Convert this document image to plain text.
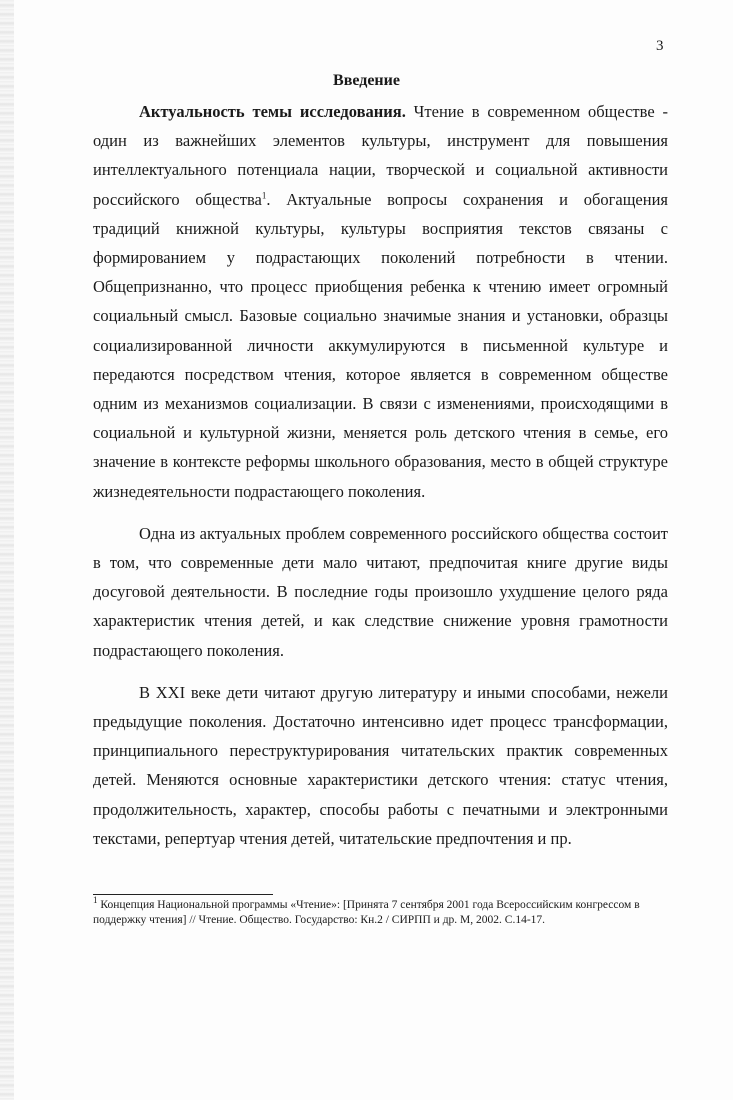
3
Введение

Актуальность темы исследования. Чтение в современном обществе - один из важнейших элементов культуры, инструмент для повышения интеллектуального потенциала нации, творческой и социальной активности российского общества$^1$. Актуальные вопросы сохранения и обогащения традиций книжной культуры, культуры восприятия текстов связаны с формированием у подрастающих поколений потребности в чтении. Общепризнанно, что процесс приобщения ребенка к чтению имеет огромный социальный смысл. Базовые социально значимые знания и установки, образцы социализированной личности аккумулируются в письменной культуре и передаются посредством чтения, которое является в современном обществе одним из механизмов социализации. В связи с изменениями, происходящими в социальной и культурной жизни, меняется роль детского чтения в семье, его значение в контексте реформы школьного образования, место в общей структуре жизнедеятельности подрастающего поколения.

Одна из актуальных проблем современного российского общества состоит в том, что современные дети мало читают, предпочитая книге другие виды досуговой деятельности. В последние годы произошло ухудшение целого ряда характеристик чтения детей, и как следствие снижение уровня грамотности подрастающего поколения.

В XXI веке дети читают другую литературу и иными способами, нежели предыдущие поколения. Достаточно интенсивно идет процесс трансформации, принципиального переструктурирования читательских практик современных детей. Меняются основные характеристики детского чтения: статус чтения, продолжительность, характер, способы работы с печатными и электронными текстами, репертуар чтения детей, читательские предпочтения и пр.

$^1$ Концепция Национальной программы «Чтение»: [Принята 7 сентября 2001 года Всероссийским конгрессом в поддержку чтения] // Чтение. Общество. Государство: Кн.2 / СИРПП и др. М, 2002. С.14-17.
